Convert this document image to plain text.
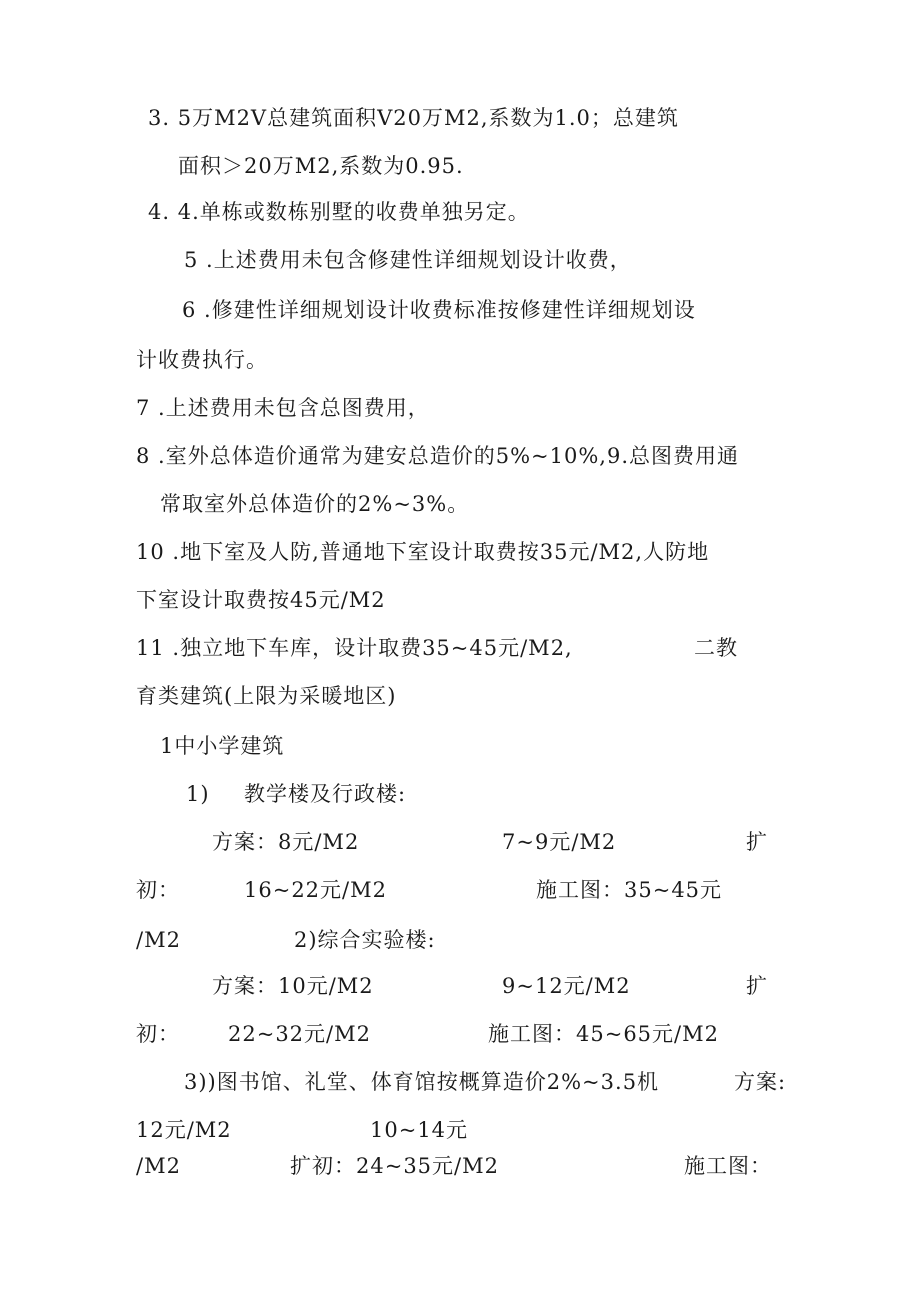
3. 5万M2V总建筑面积V20万M2,系数为1.0；总建筑
面积＞20万M2,系数为0.95.
4. 4.单栋或数栋别墅的收费单独另定。
5 .上述费用未包含修建性详细规划设计收费，
6 .修建性详细规划设计收费标准按修建性详细规划设
计收费执行。
7 .上述费用未包含总图费用，
8 .室外总体造价通常为建安总造价的5%~10%,9.总图费用通
常取室外总体造价的2%~3%。
10 .地下室及人防,普通地下室设计取费按35元/M2,人防地
下室设计取费按45元/M2
11 .独立地下车库，设计取费35~45元/M2,	二教
育类建筑(上限为采暖地区)
1中小学建筑
1) 教学楼及行政楼:
方案：8元/M2	7~9元/M2	扩
初：	16~22元/M2	施工图：35~45元
/M2	2)综合实验楼:
方案：10元/M2	9~12元/M2	扩
初： 22~32元/M2	施工图：45~65元/M2
3))图书馆、礼堂、体育馆按概算造价2%~3.5机	方案:
12元/M2	10~14元
/M2	扩初：24~35元/M2	施工图：
